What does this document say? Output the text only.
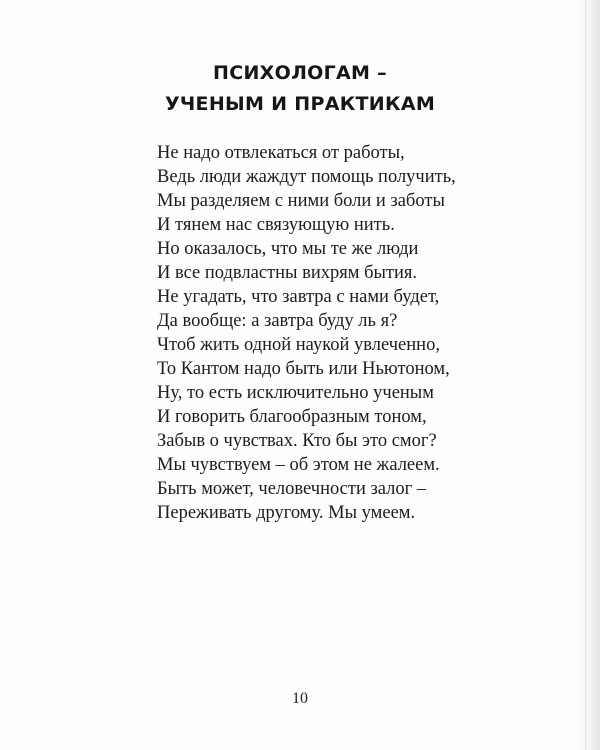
ПСИХОЛОГАМ –
УЧЕНЫМ И ПРАКТИКАМ
Не надо отвлекаться от работы,
Ведь люди жаждут помощь получить,
Мы разделяем с ними боли и заботы
И тянем нас связующую нить.
Но оказалось, что мы те же люди
И все подвластны вихрям бытия.
Не угадать, что завтра с нами будет,
Да вообще: а завтра буду ль я?
Чтоб жить одной наукой увлеченно,
То Кантом надо быть или Ньютоном,
Ну, то есть исключительно ученым
И говорить благообразным тоном,
Забыв о чувствах. Кто бы это смог?
Мы чувствуем – об этом не жалеем.
Быть может, человечности залог –
Переживать другому. Мы умеем.
10
